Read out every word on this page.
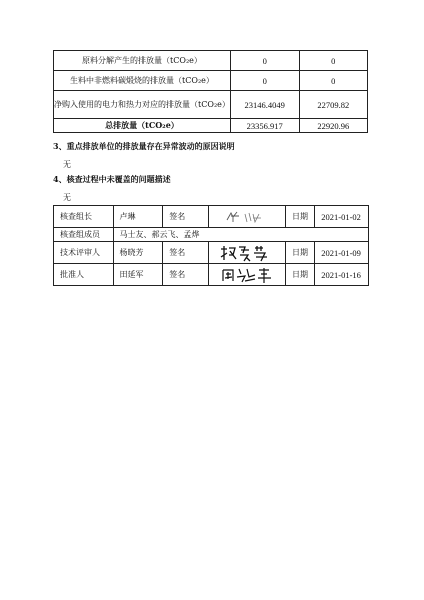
原料分解产生的排放量（tCO₂e）	0	0
生料中非燃料碳煅烧的排放量（tCO₂e）	0	0
净购入使用的电力和热力对应的排放量（tCO₂e）	23146.4049	22709.82
总排放量（tCO₂e）	23356.917	22920.96
3、重点排放单位的排放量存在异常波动的原因说明
无
4、核查过程中未覆盖的问题描述
无
核查组长	卢琳	签名		日期	2021-01-02
核查组成员	马士友、郝云飞、孟烨				
技术评审人	杨晓芳	签名		日期	2021-01-09
批准人	田延军	签名		日期	2021-01-16
